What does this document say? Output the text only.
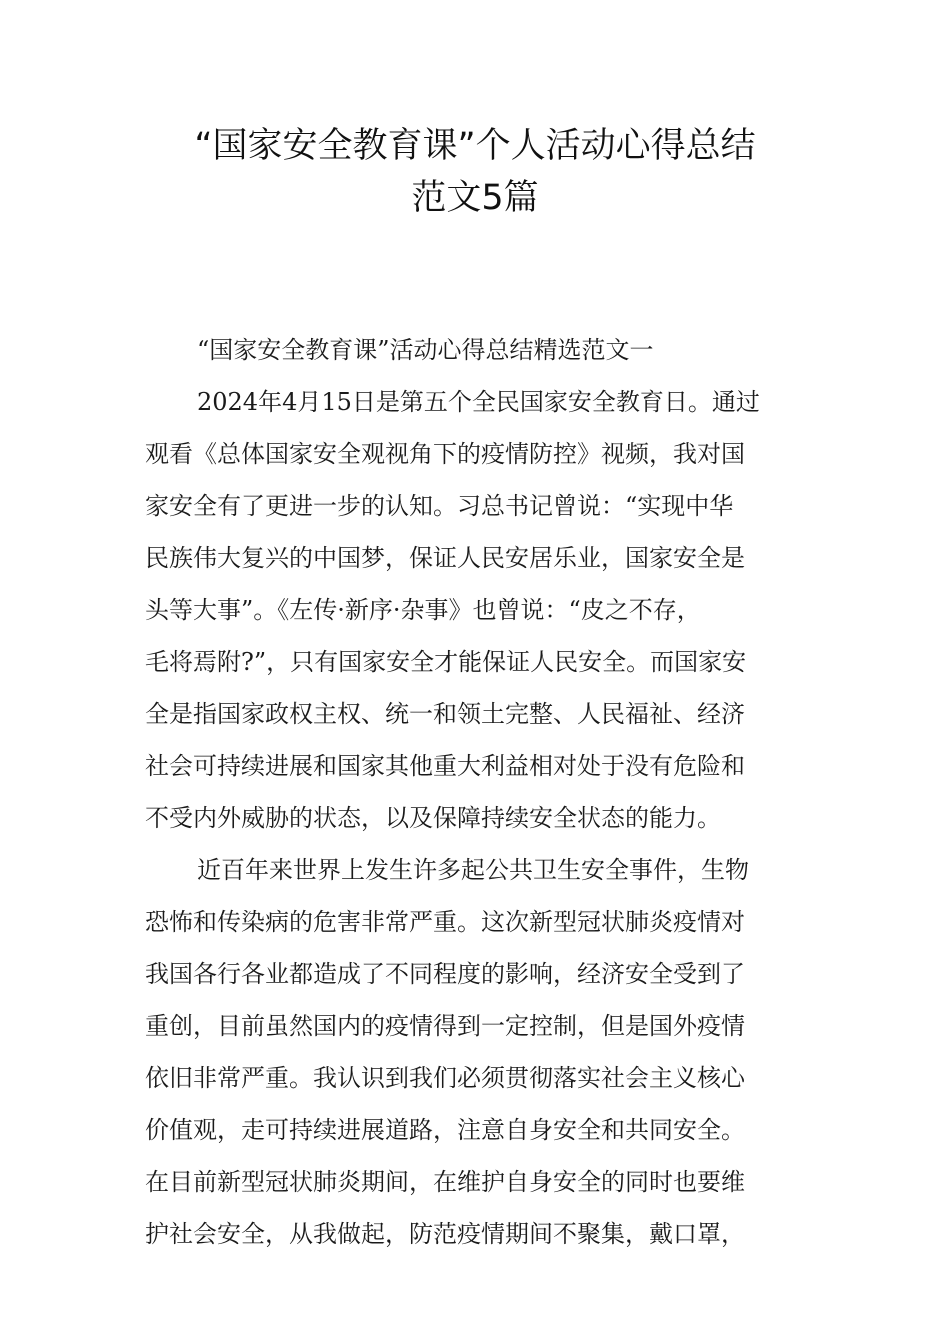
“国家安全教育课”个人活动心得总结
范文5篇
“国家安全教育课”活动心得总结精选范文一
2024年4月15日是第五个全民国家安全教育日。通过
观看《总体国家安全观视角下的疫情防控》视频，我对国
家安全有了更进一步的认知。习总书记曾说：“实现中华
民族伟大复兴的中国梦，保证人民安居乐业，国家安全是
头等大事”。《左传·新序·杂事》也曾说：“皮之不存，
毛将焉附?”，只有国家安全才能保证人民安全。而国家安
全是指国家政权主权、统一和领土完整、人民福祉、经济
社会可持续进展和国家其他重大利益相对处于没有危险和
不受内外威胁的状态，以及保障持续安全状态的能力。
近百年来世界上发生许多起公共卫生安全事件，生物
恐怖和传染病的危害非常严重。这次新型冠状肺炎疫情对
我国各行各业都造成了不同程度的影响，经济安全受到了
重创，目前虽然国内的疫情得到一定控制，但是国外疫情
依旧非常严重。我认识到我们必须贯彻落实社会主义核心
价值观，走可持续进展道路，注意自身安全和共同安全。
在目前新型冠状肺炎期间，在维护自身安全的同时也要维
护社会安全，从我做起，防范疫情期间不聚集，戴口罩，
